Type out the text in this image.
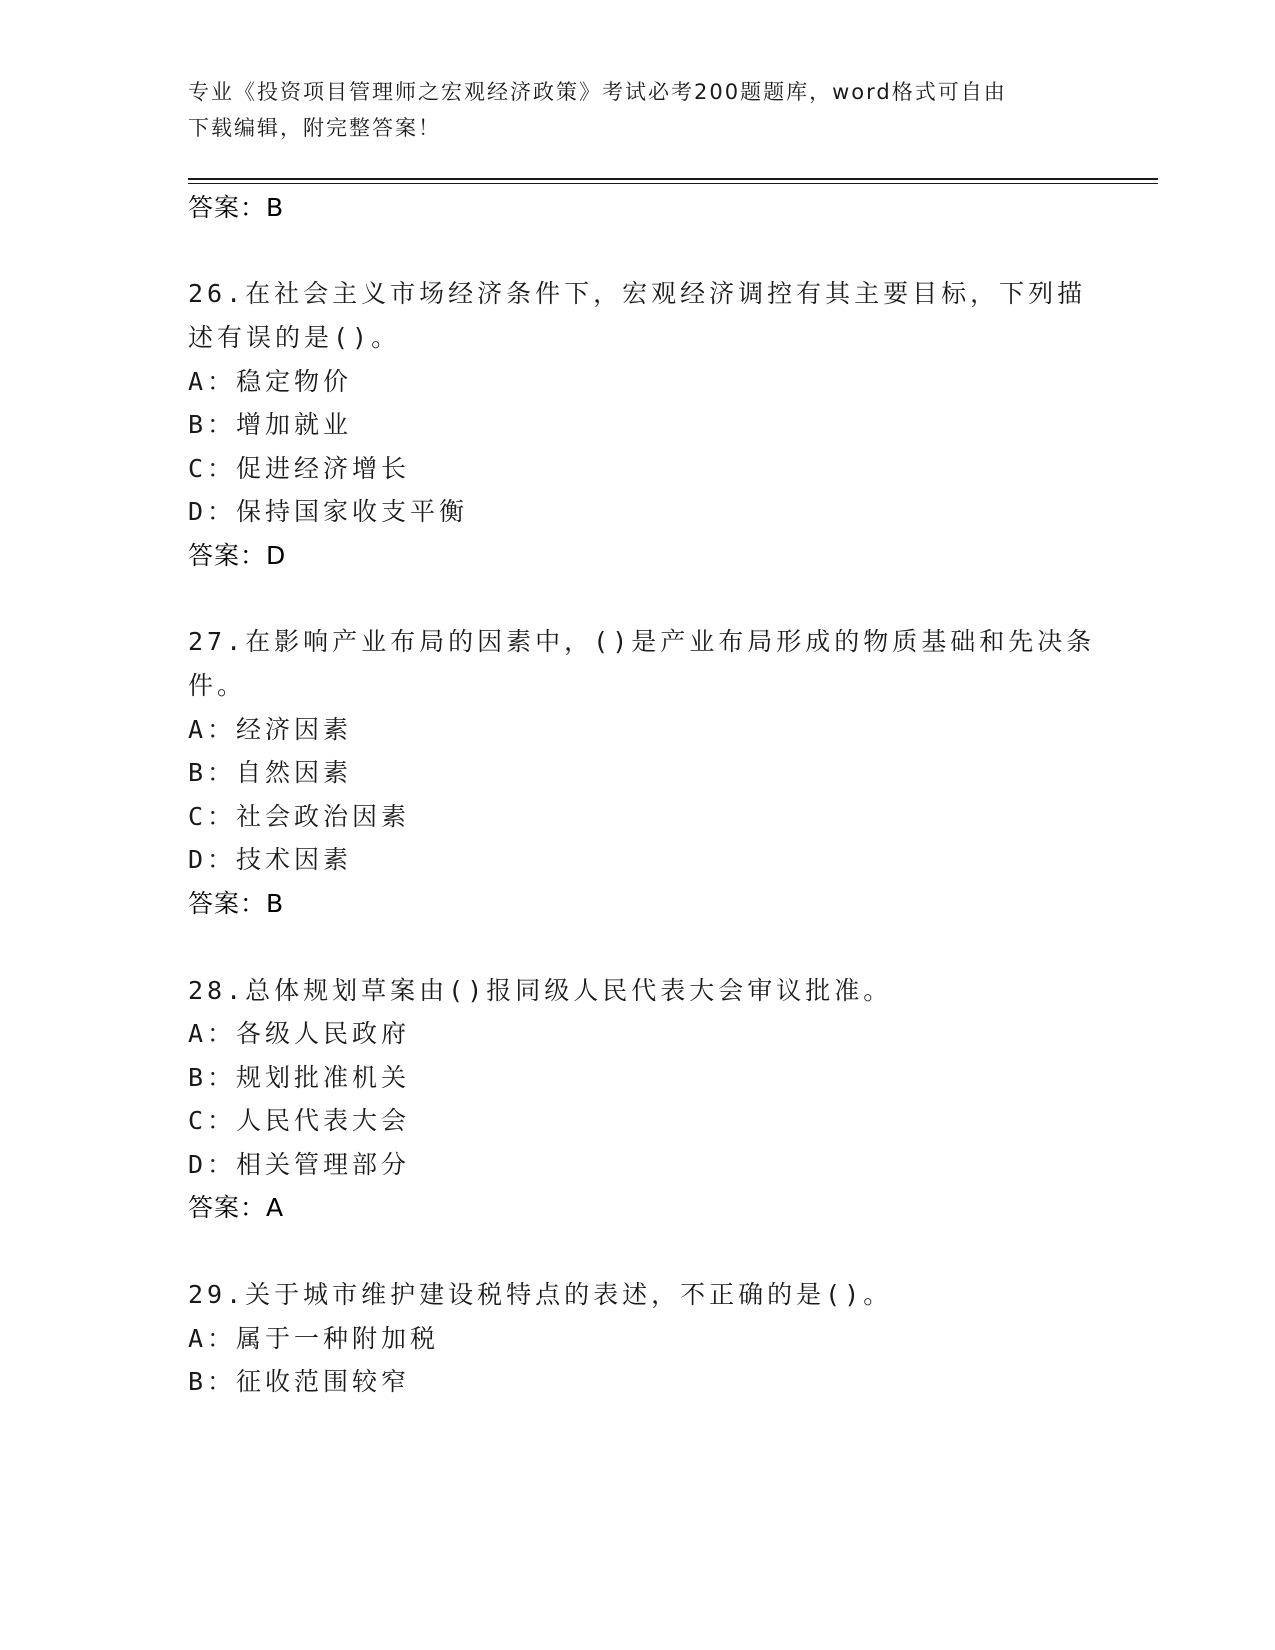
专业《投资项目管理师之宏观经济政策》考试必考200题题库，word格式可自由
下载编辑，附完整答案！
答案：B
26.在社会主义市场经济条件下，宏观经济调控有其主要目标，下列描
述有误的是()。
A：稳定物价
B：增加就业
C：促进经济增长
D：保持国家收支平衡
答案：D
27.在影响产业布局的因素中，()是产业布局形成的物质基础和先决条
件。
A：经济因素
B：自然因素
C：社会政治因素
D：技术因素
答案：B
28.总体规划草案由()报同级人民代表大会审议批准。
A：各级人民政府
B：规划批准机关
C：人民代表大会
D：相关管理部分
答案：A
29.关于城市维护建设税特点的表述，不正确的是()。
A：属于一种附加税
B：征收范围较窄
